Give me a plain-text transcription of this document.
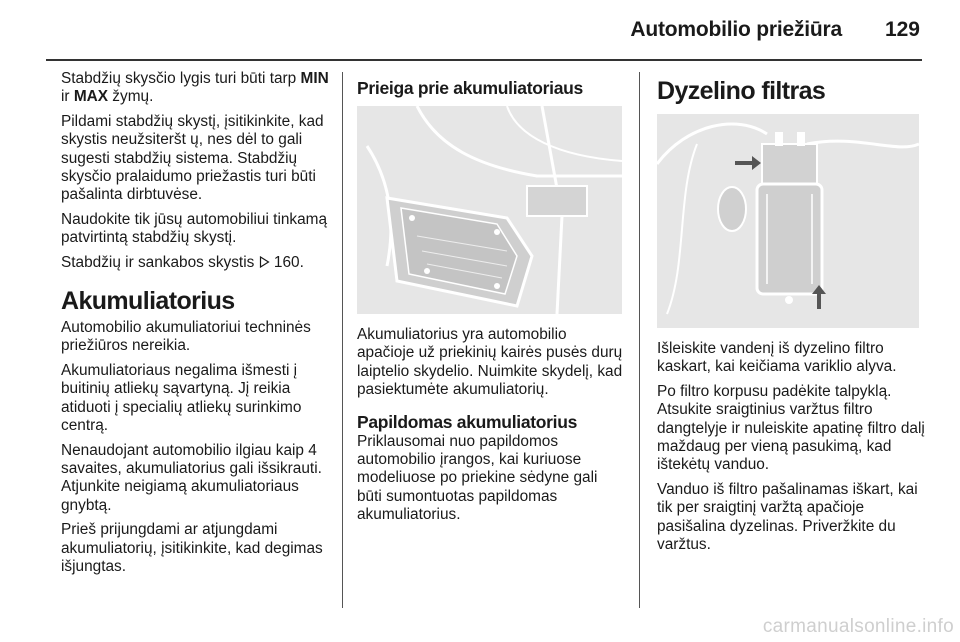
Automobilio priežiūra 129

Stabdžių skysčio lygis turi būti tarp MIN ir MAX žymų.

Pildami stabdžių skystį, įsitikinkite, kad skystis neužsiteršt ų, nes dėl to gali sugesti stabdžių sistema. Stabdžių skysčio pralaidumo priežastis turi būti pašalinta dirbtuvėse.

Naudokite tik jūsų automobiliui tinkamą patvirtintą stabdžių skystį.

Stabdžių ir sankabos skystis  160.

Akumuliatorius

Automobilio akumuliatoriui techninės priežiūros nereikia.

Akumuliatoriaus negalima išmesti į buitinių atliekų sąvartyną. Jį reikia atiduoti į specialių atliekų surinkimo centrą.

Nenaudojant automobilio ilgiau kaip 4 savaites, akumuliatorius gali išsikrauti. Atjunkite neigiamą akumuliatoriaus gnybtą.

Prieš prijungdami ar atjungdami akumuliatorių, įsitikinkite, kad degimas išjungtas.

Prieiga prie akumuliatoriaus

Akumuliatorius yra automobilio apačioje už priekinių kairės pusės durų laiptelio skydelio. Nuimkite skydelį, kad pasiektumėte akumuliatorių.

Papildomas akumuliatorius

Priklausomai nuo papildomos automobilio įrangos, kai kuriuose modeliuose po priekine sėdyne gali būti sumontuotas papildomas akumuliatorius.

Dyzelino filtras

Išleiskite vandenį iš dyzelino filtro kaskart, kai keičiama variklio alyva.

Po filtro korpusu padėkite talpyklą. Atsukite sraigtinius varžtus filtro dangtelyje ir nuleiskite apatinę filtro dalį maždaug per vieną pasukimą, kad ištekėtų vanduo.

Vanduo iš filtro pašalinamas iškart, kai tik per sraigtinį varžtą apačioje pasišalina dyzelinas. Priveržkite du varžtus.

carmanualsonline.info
